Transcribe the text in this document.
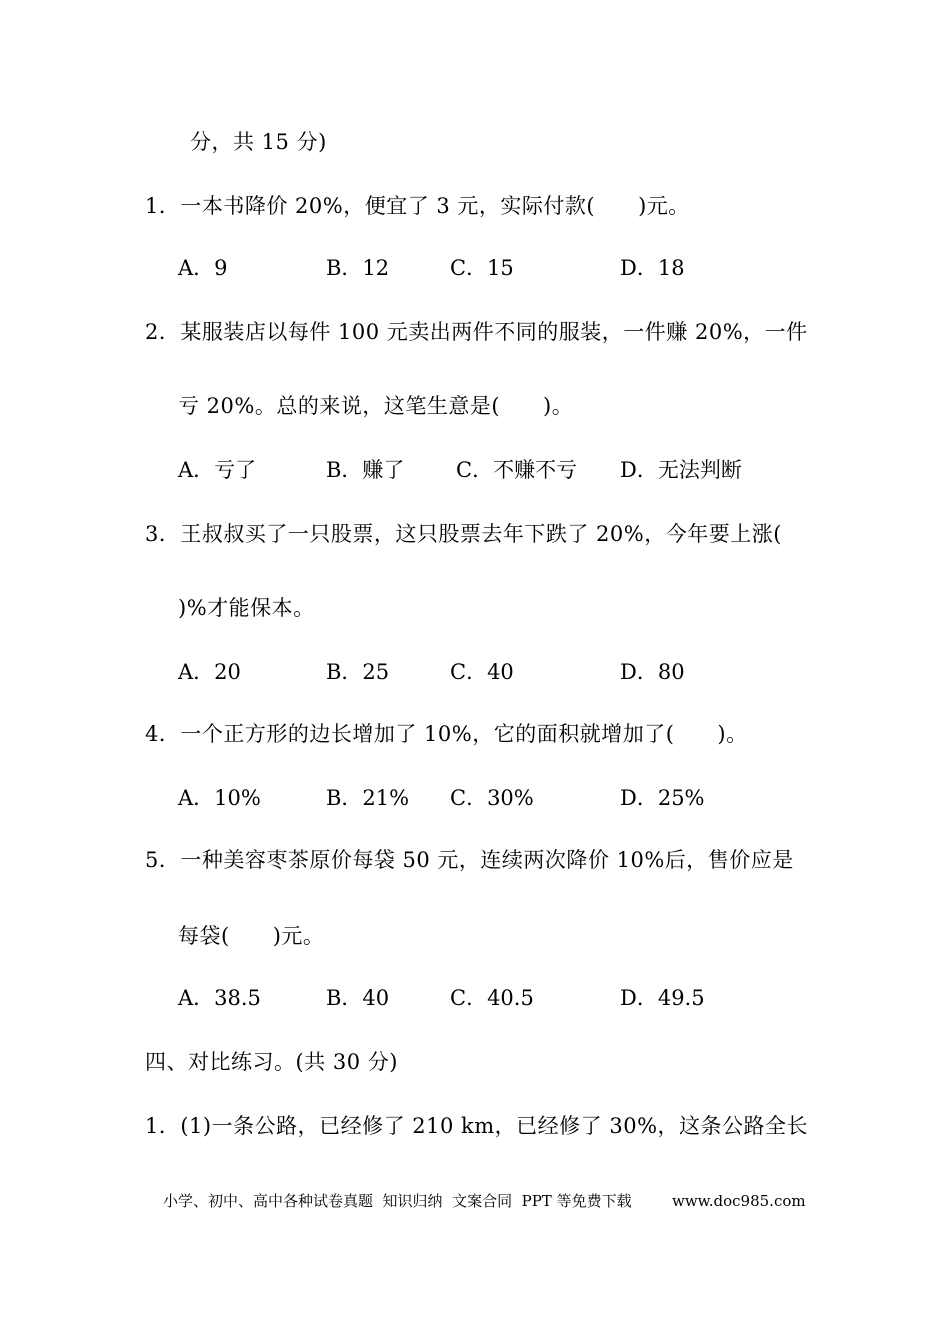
分，共 15 分)
1．一本书降价 20%，便宜了 3 元，实际付款(　　)元。
A．9	B．12	C．15	D．18
2．某服装店以每件 100 元卖出两件不同的服装，一件赚 20%，一件
亏 20%。总的来说，这笔生意是(　　)。
A．亏了	B．赚了 C．不赚不亏 D．无法判断
3．王叔叔买了一只股票，这只股票去年下跌了 20%，今年要上涨(
)%才能保本。
A．20	B．25	C．40	D．80
4．一个正方形的边长增加了 10%，它的面积就增加了(　　)。
A．10%	B．21% C．30%	D．25%
5．一种美容枣茶原价每袋 50 元，连续两次降价 10%后，售价应是
每袋(　　)元。
A．38.5	B．40	C．40.5	D．49.5
四、对比练习。(共 30 分)
1．(1)一条公路，已经修了 210 km，已经修了 30%，这条公路全长
小学、初中、高中各种试卷真题  知识归纳  文案合同  PPT 等免费下载	www.doc985.com
